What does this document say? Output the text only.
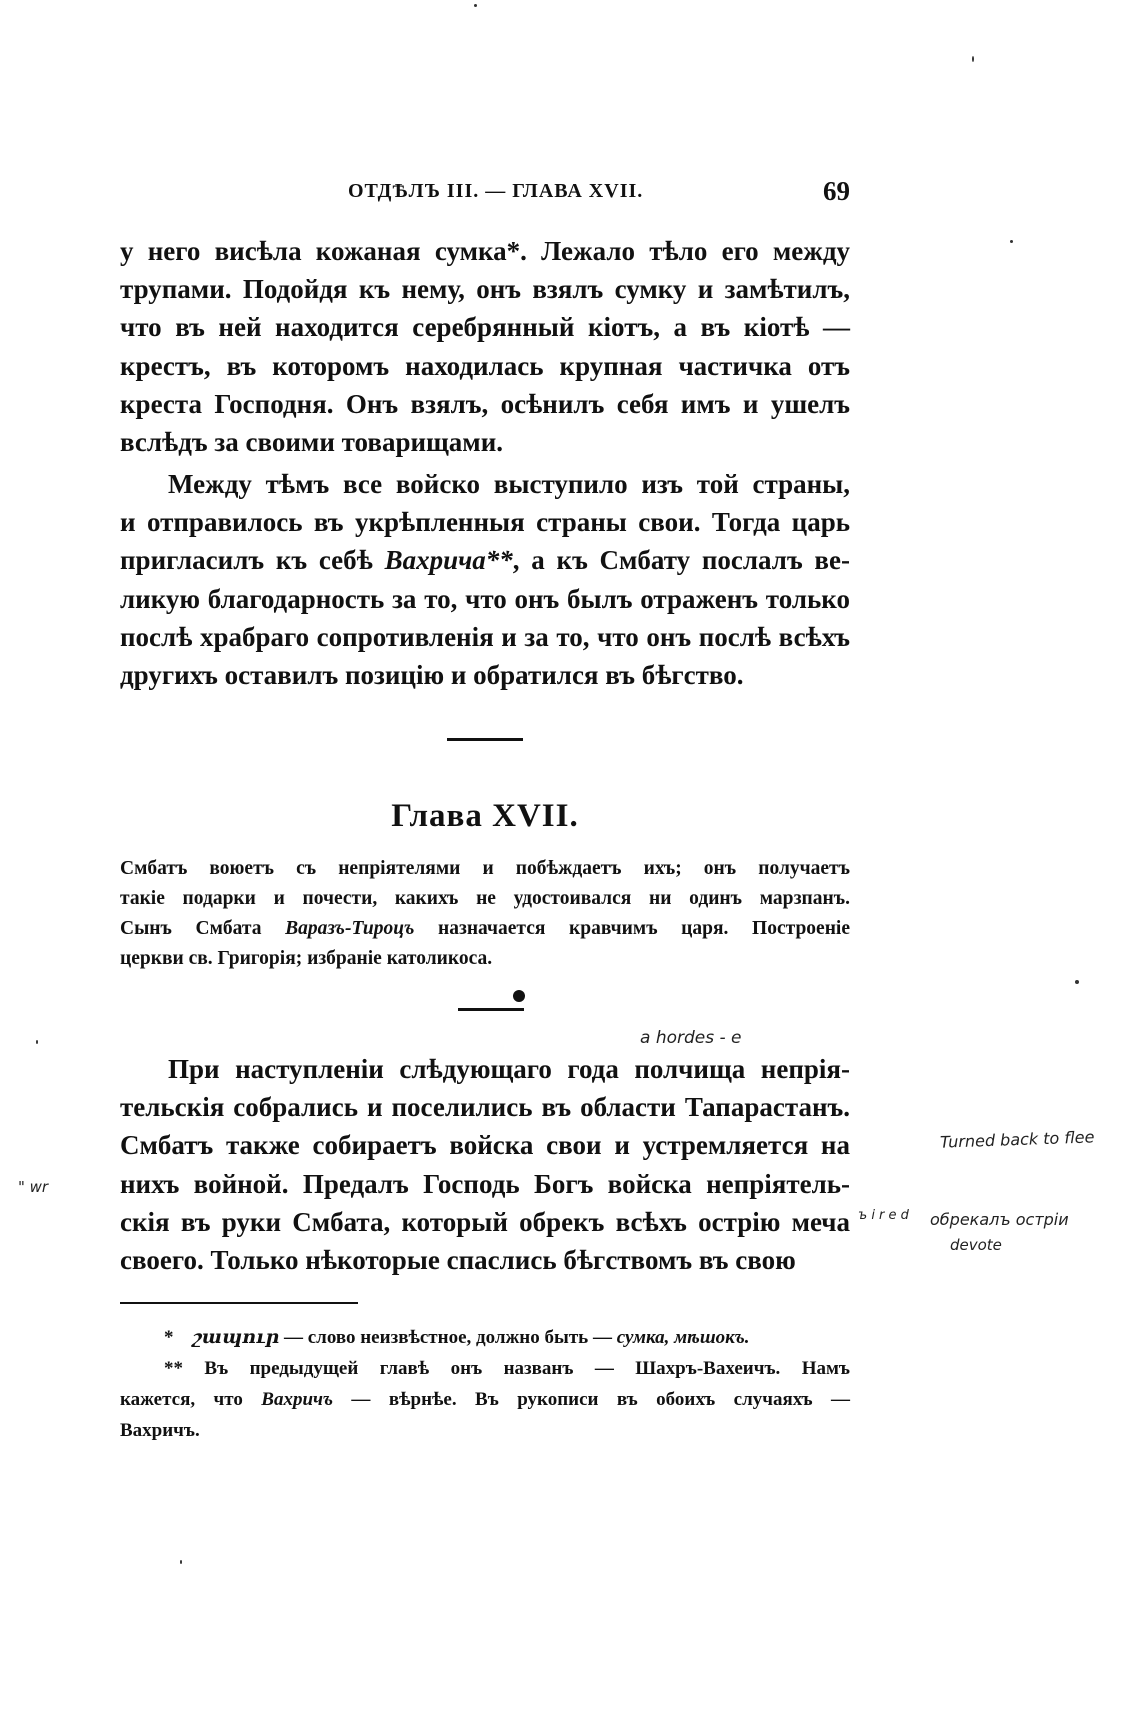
ОТДѢЛЪ III. — ГЛАВА XVII.	69
у него висѣла кожаная сумка*. Лежало тѣло его между
трупами. Подойдя къ нему, онъ взялъ сумку и замѣтилъ,
что въ ней находится серебрянный кіотъ, а въ кіотѣ —
крестъ, въ которомъ находилась крупная частичка отъ
креста Господня. Онъ взялъ, осѣнилъ себя имъ и ушелъ
вслѣдъ за своими товарищами.
Между тѣмъ все войско выступило изъ той страны,
и отправилось въ укрѣпленныя страны свои. Тогда царь
пригласилъ къ себѣ Вахрича**, а къ Смбату послалъ ве-
ликую благодарность за то, что онъ былъ отраженъ только
послѣ храбраго сопротивленія и за то, что онъ послѣ всѣхъ
другихъ оставилъ позицію и обратился въ бѣгство.
Глава XVII.
Смбатъ воюетъ съ непріятелями и побѣждаетъ ихъ; онъ получаетъ
такіе подарки и почести, какихъ не удостоивался ни одинъ марзпанъ.
Сынъ Смбата Варазъ-Тироцъ назначается кравчимъ царя. Построеніе
церкви св. Григорія; избраніе католикоса.
При наступленіи слѣдующаго года полчища непрія-
тельскія собрались и поселились въ области Тапарастанъ.
Смбатъ также собираетъ войска свои и устремляется на
нихъ войной. Предалъ Господь Богъ войска непріятель-
скія въ руки Смбата, который обрекъ всѣхъ острію меча
своего. Только нѣкоторые спаслись бѣгствомъ въ свою
* շապուր — слово неизвѣстное, должно быть — сумка, мѣшокъ.
** Въ предыдущей главѣ онъ названъ — Шахръ-Вахеичъ. Намъ
кажется, что Вахричъ — вѣрнѣе. Въ рукописи въ обоихъ случаяхъ —
Вахричъ.
a hordes - e
Turned back to flee
" wr
ъ i r e d обрекалъ остріи
devote
